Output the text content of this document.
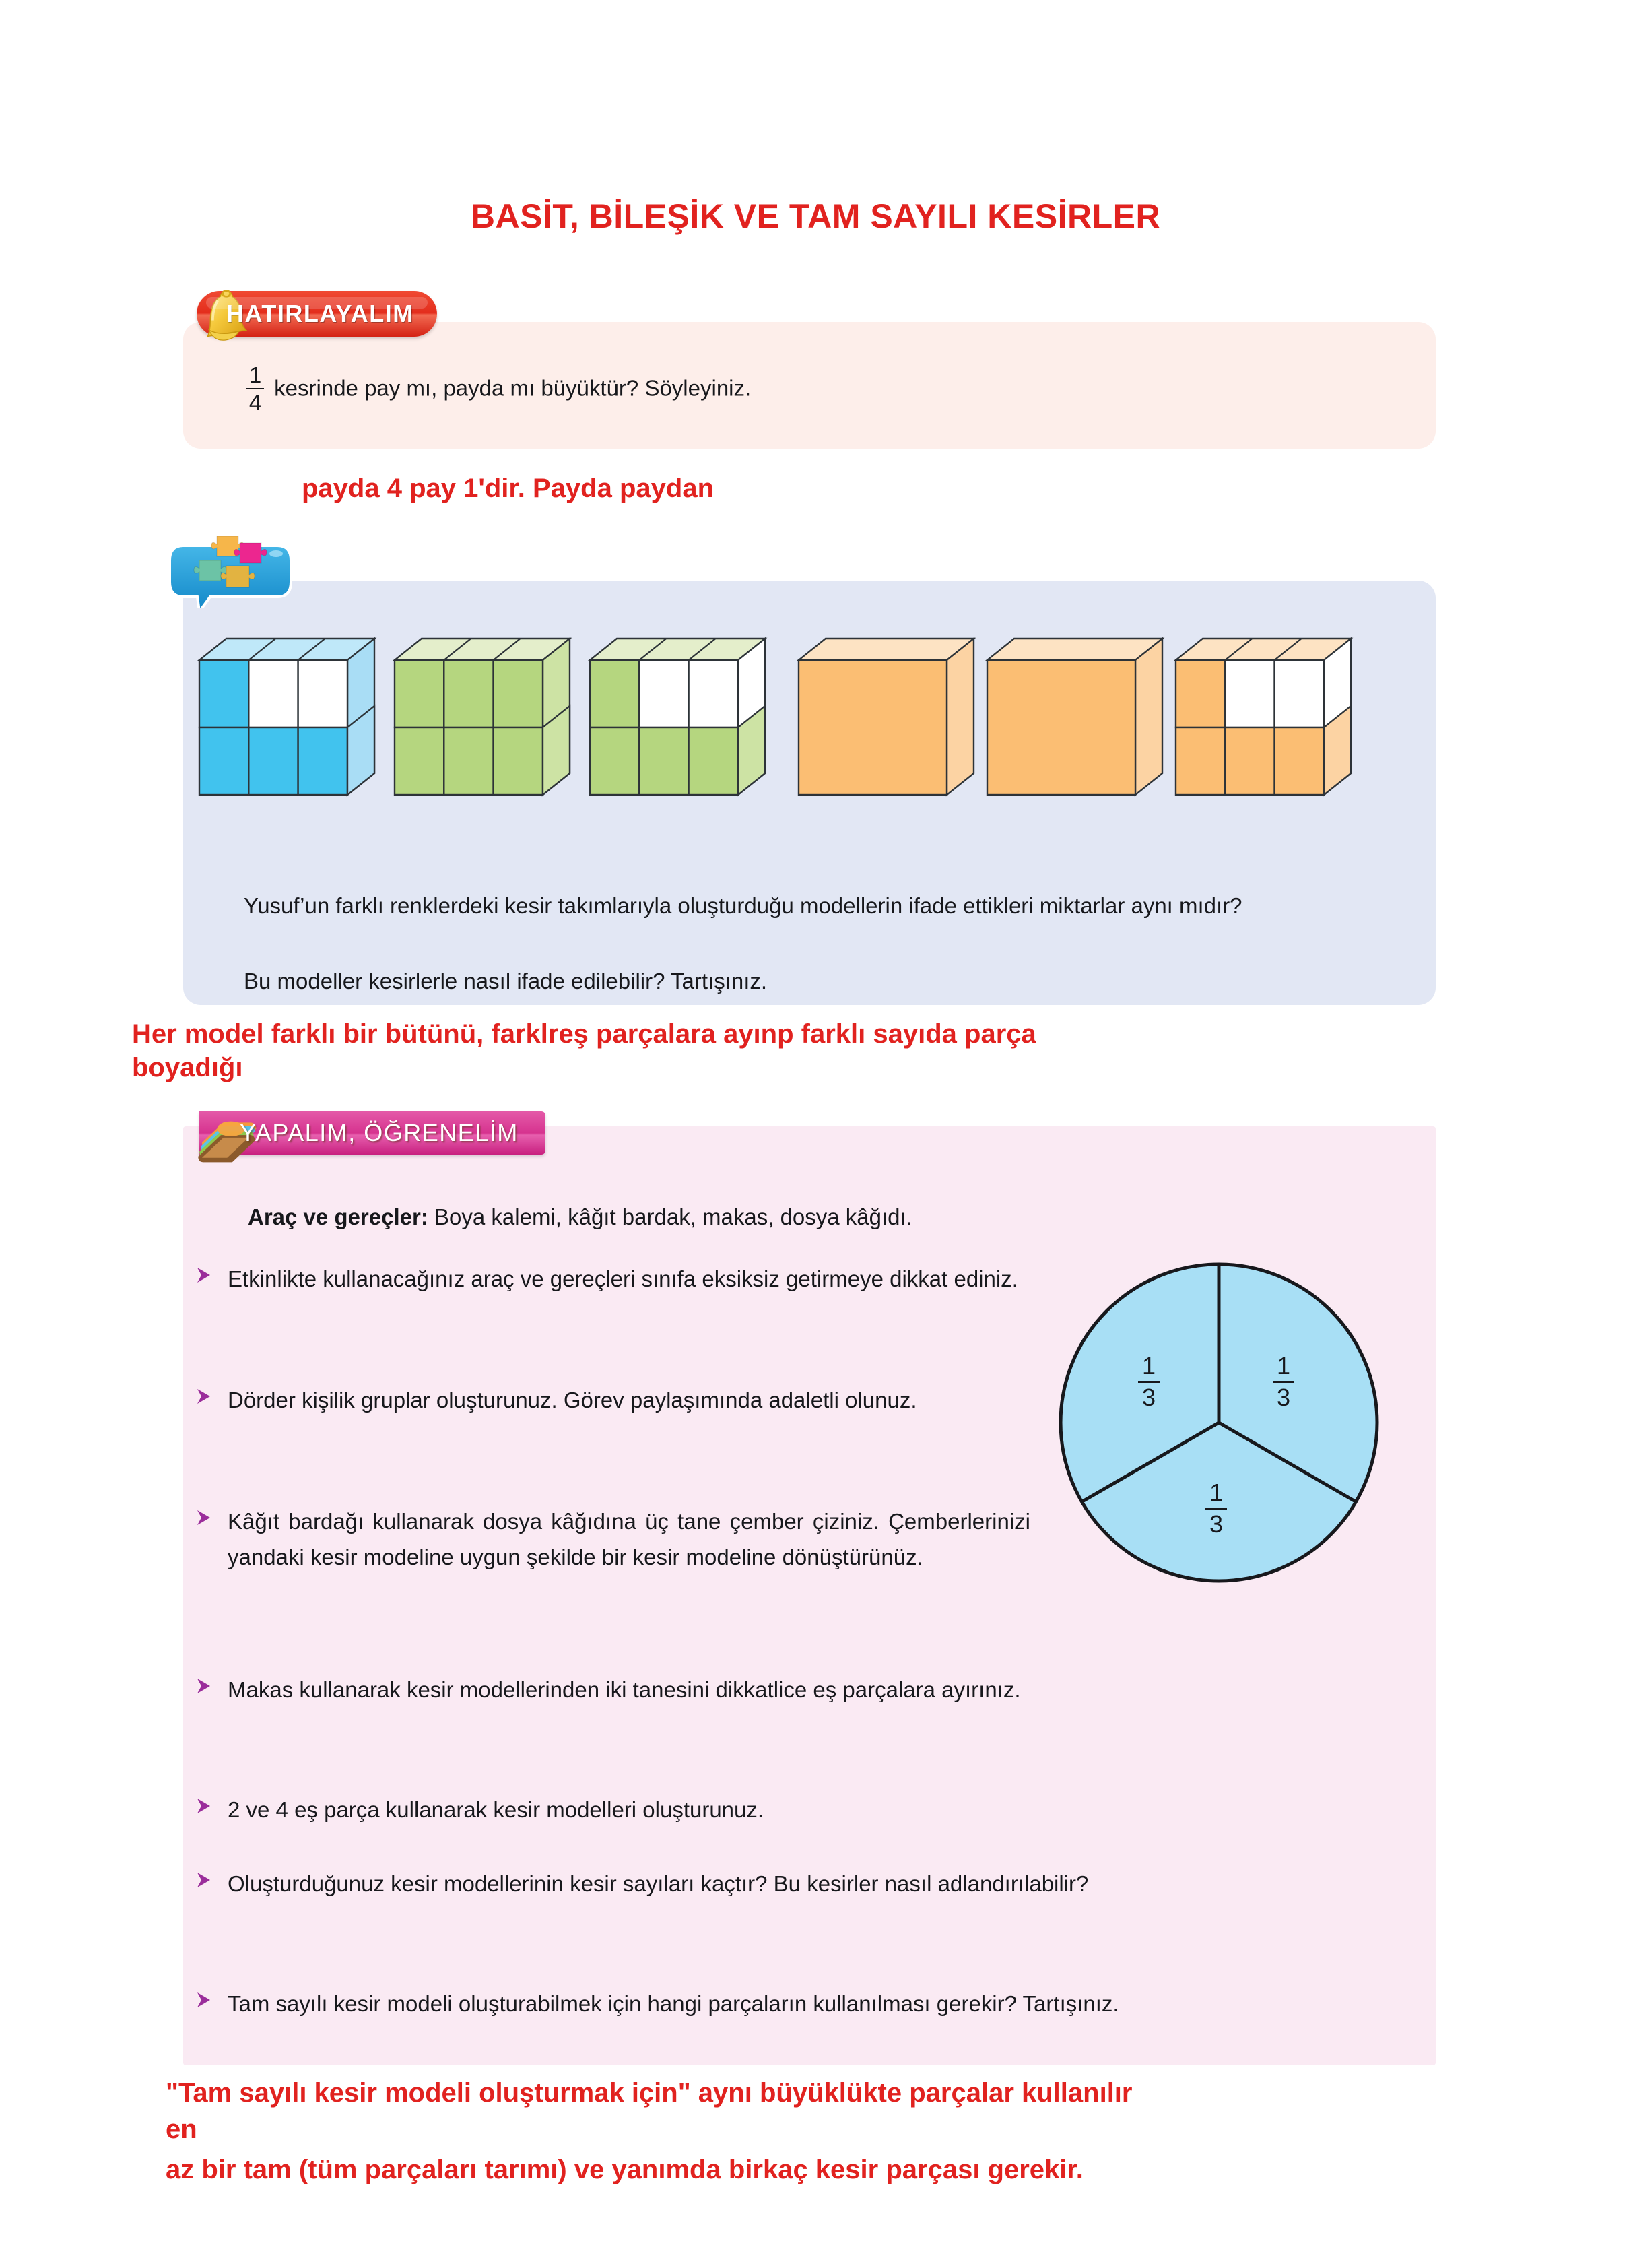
BASİT, BİLEŞİK VE TAM SAYILI KESİRLER
HATIRLAYALIM
$\frac{1}{4}$ kesrinde pay mı, payda mı büyüktür? Söyleyiniz.
payda 4 pay 1'dir. Payda paydan
Yusuf’un farklı renklerdeki kesir takımlarıyla oluşturduğu modellerin ifade ettikleri miktarlar aynı mıdır?
Bu modeller kesirlerle nasıl ifade edilebilir? Tartışınız.
Her model farklı bir bütünü, farklreş parçalara ayınp farklı sayıda parça
boyadığı
YAPALIM, ÖĞRENELİM
Araç ve gereçler: Boya kalemi, kâğıt bardak, makas, dosya kâğıdı.
1
3
1
3
1
3
Etkinlikte kullanacağınız araç ve gereçleri sınıfa eksiksiz getirmeye dikkat ediniz.
Dörder kişilik gruplar oluşturunuz. Görev paylaşımında adaletli olunuz.
Kâğıt bardağı kullanarak dosya kâğıdına üç tane çember çiziniz. Çemberlerinizi yandaki kesir modeline uygun şekilde bir kesir modeline dönüştürünüz.
Makas kullanarak kesir modellerinden iki tanesini dikkatlice eş parçalara ayırınız.
2 ve 4 eş parça kullanarak kesir modelleri oluşturunuz.
Oluşturduğunuz kesir modellerinin kesir sayıları kaçtır? Bu kesirler nasıl adlandırılabilir?
Tam sayılı kesir modeli oluşturabilmek için hangi parçaların kullanılması gerekir? Tartışınız.
"Tam sayılı kesir modeli oluşturmak için" aynı büyüklükte parçalar kullanılır
en
az bir tam (tüm parçaları tarımı) ve yanımda birkaç kesir parçası gerekir.
